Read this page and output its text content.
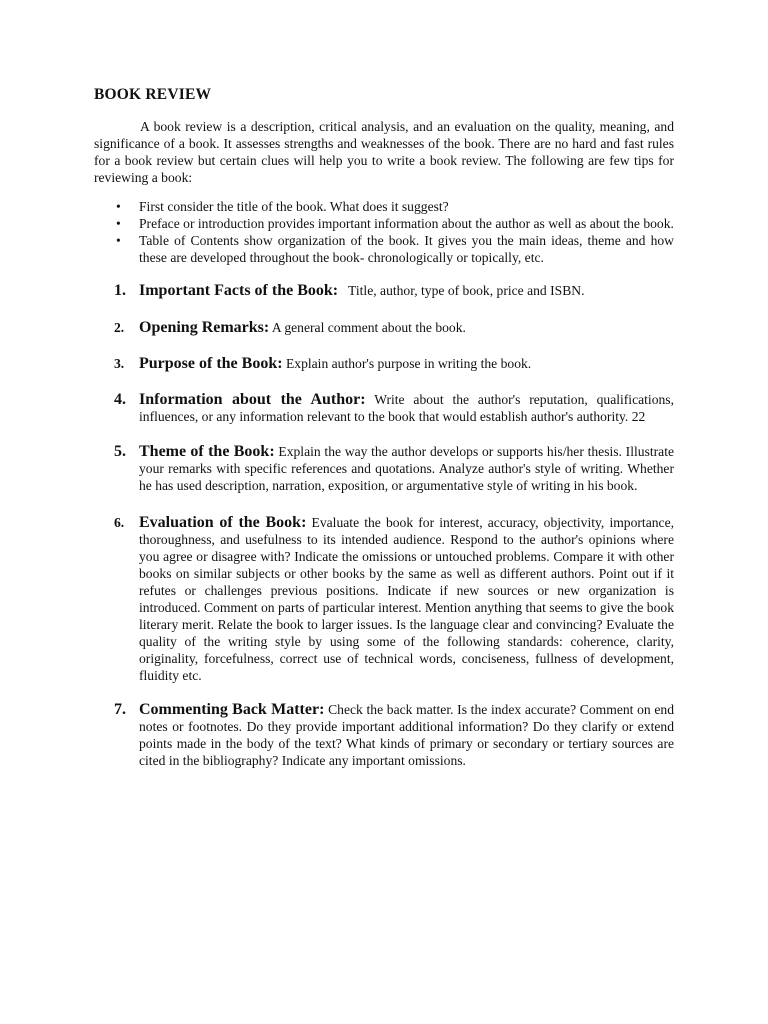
BOOK REVIEW

A book review is a description, critical analysis, and an evaluation on the quality, meaning, and significance of a book. It assesses strengths and weaknesses of the book. There are no hard and fast rules for a book review but certain clues will help you to write a book review. The following are few tips for reviewing a book:

• First consider the title of the book. What does it suggest?
• Preface or introduction provides important information about the author as well as about the book.
• Table of Contents show organization of the book. It gives you the main ideas, theme and how these are developed throughout the book- chronologically or topically, etc.
1. Important Facts of the Book: Title, author, type of book, price and ISBN.
2. Opening Remarks: A general comment about the book.
3. Purpose of the Book: Explain author's purpose in writing the book.
4. Information about the Author: Write about the author's reputation, qualifications, influences, or any information relevant to the book that would establish author's authority. 22
5. Theme of the Book: Explain the way the author develops or supports his/her thesis. Illustrate your remarks with specific references and quotations. Analyze author's style of writing. Whether he has used description, narration, exposition, or argumentative style of writing in his book.
6. Evaluation of the Book: Evaluate the book for interest, accuracy, objectivity, importance, thoroughness, and usefulness to its intended audience. Respond to the author's opinions where you agree or disagree with? Indicate the omissions or untouched problems. Compare it with other books on similar subjects or other books by the same as well as different authors. Point out if it refutes or challenges previous positions. Indicate if new sources or new organization is introduced. Comment on parts of particular interest. Mention anything that seems to give the book literary merit. Relate the book to larger issues. Is the language clear and convincing? Evaluate the quality of the writing style by using some of the following standards: coherence, clarity, originality, forcefulness, correct use of technical words, conciseness, fullness of development, fluidity etc.
7. Commenting Back Matter: Check the back matter. Is the index accurate? Comment on end notes or footnotes. Do they provide important additional information? Do they clarify or extend points made in the body of the text? What kinds of primary or secondary or tertiary sources are cited in the bibliography? Indicate any important omissions.
